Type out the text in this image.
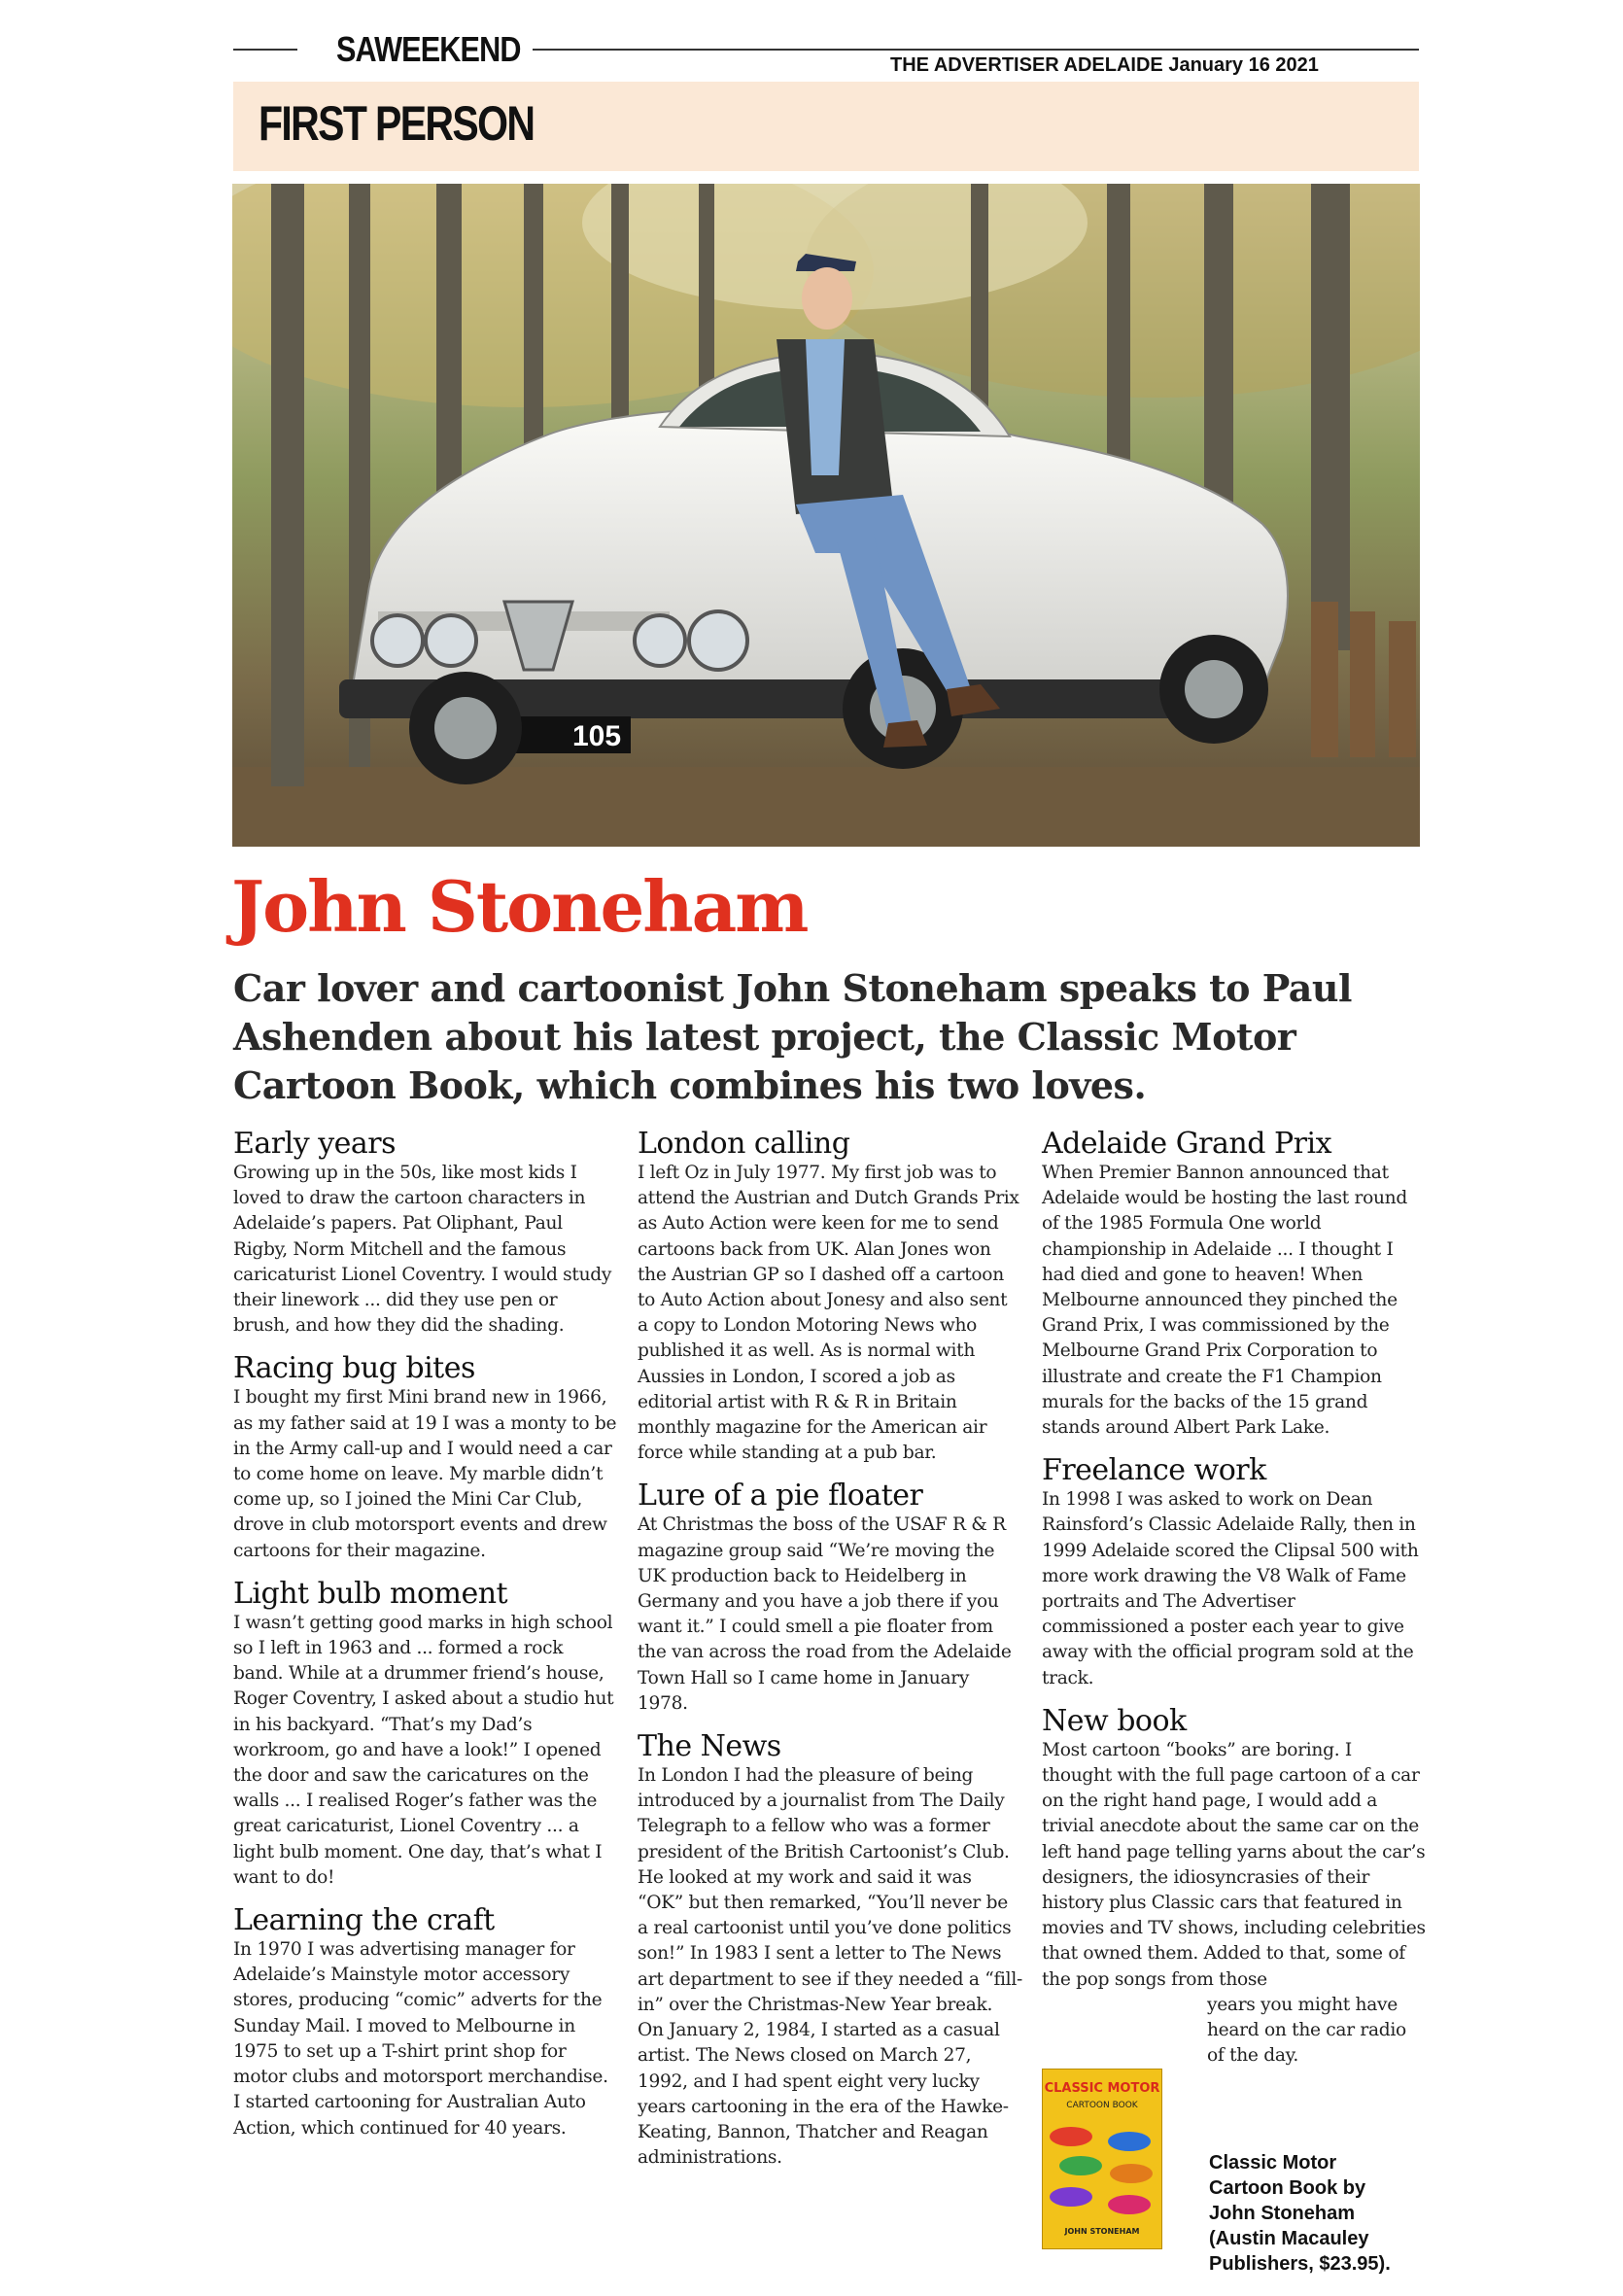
SAWEEKEND	THE ADVERTISER ADELAIDE January 16 2021
FIRST PERSON
105
John Stoneham
Car lover and cartoonist John Stoneham speaks to Paul Ashenden about his latest project, the Classic Motor Cartoon Book, which combines his two loves.
Early years

Growing up in the 50s, like most kids I loved to draw the cartoon characters in Adelaide’s papers. Pat Oliphant, Paul Rigby, Norm Mitchell and the famous caricaturist Lionel Coventry. I would study their linework ... did they use pen or brush, and how they did the shading.

Racing bug bites

I bought my first Mini brand new in 1966, as my father said at 19 I was a monty to be in the Army call-up and I would need a car to come home on leave. My marble didn’t come up, so I joined the Mini Car Club, drove in club motorsport events and drew cartoons for their magazine.

Light bulb moment

I wasn’t getting good marks in high school so I left in 1963 and ... formed a rock band. While at a drummer friend’s house, Roger Coventry, I asked about a studio hut in his backyard. “That’s my Dad’s workroom, go and have a look!” I opened the door and saw the caricatures on the walls ... I realised Roger’s father was the great caricaturist, Lionel Coventry ... a light bulb moment. One day, that’s what I want to do!

Learning the craft

In 1970 I was advertising manager for Adelaide’s Mainstyle motor accessory stores, producing “comic” adverts for the Sunday Mail. I moved to Melbourne in 1975 to set up a T-shirt print shop for motor clubs and motorsport merchandise. I started cartooning for Australian Auto Action, which continued for 40 years.

London calling

I left Oz in July 1977. My first job was to attend the Austrian and Dutch Grands Prix as Auto Action were keen for me to send cartoons back from UK. Alan Jones won the Austrian GP so I dashed off a cartoon to Auto Action about Jonesy and also sent a copy to London Motoring News who published it as well. As is normal with Aussies in London, I scored a job as editorial artist with R & R in Britain monthly magazine for the American air force while standing at a pub bar.

Lure of a pie floater

At Christmas the boss of the USAF R & R magazine group said “We’re moving the UK production back to Heidelberg in Germany and you have a job there if you want it.” I could smell a pie floater from the van across the road from the Adelaide Town Hall so I came home in January 1978.

The News

In London I had the pleasure of being introduced by a journalist from The Daily Telegraph to a fellow who was a former president of the British Cartoonist’s Club. He looked at my work and said it was “OK” but then remarked, “You’ll never be a real cartoonist until you’ve done politics son!” In 1983 I sent a letter to The News art department to see if they needed a “fill-in” over the Christmas-New Year break. On January 2, 1984, I started as a casual artist. The News closed on March 27, 1992, and I had spent eight very lucky years cartooning in the era of the Hawke-Keating, Bannon, Thatcher and Reagan administrations.

Adelaide Grand Prix

When Premier Bannon announced that Adelaide would be hosting the last round of the 1985 Formula One world championship in Adelaide ... I thought I had died and gone to heaven! When Melbourne announced they pinched the Grand Prix, I was commissioned by the Melbourne Grand Prix Corporation to illustrate and create the F1 Champion murals for the backs of the 15 grand stands around Albert Park Lake.

Freelance work

In 1998 I was asked to work on Dean Rainsford’s Classic Adelaide Rally, then in 1999 Adelaide scored the Clipsal 500 with more work drawing the V8 Walk of Fame portraits and The Advertiser commissioned a poster each year to give away with the official program sold at the track.

New book

Most cartoon “books” are boring. I thought with the full page cartoon of a car on the right hand page, I would add a trivial anecdote about the same car on the left hand page telling yarns about the car’s designers, the idiosyncrasies of their history plus Classic cars that featured in movies and TV shows, including celebrities that owned them. Added to that, some of the pop songs from those

years you might have heard on the car radio of the day.

CLASSIC MOTOR
CARTOON BOOK
JOHN STONEHAM
Classic Motor Cartoon Book by John Stoneham (Austin Macauley Publishers, $23.95).
